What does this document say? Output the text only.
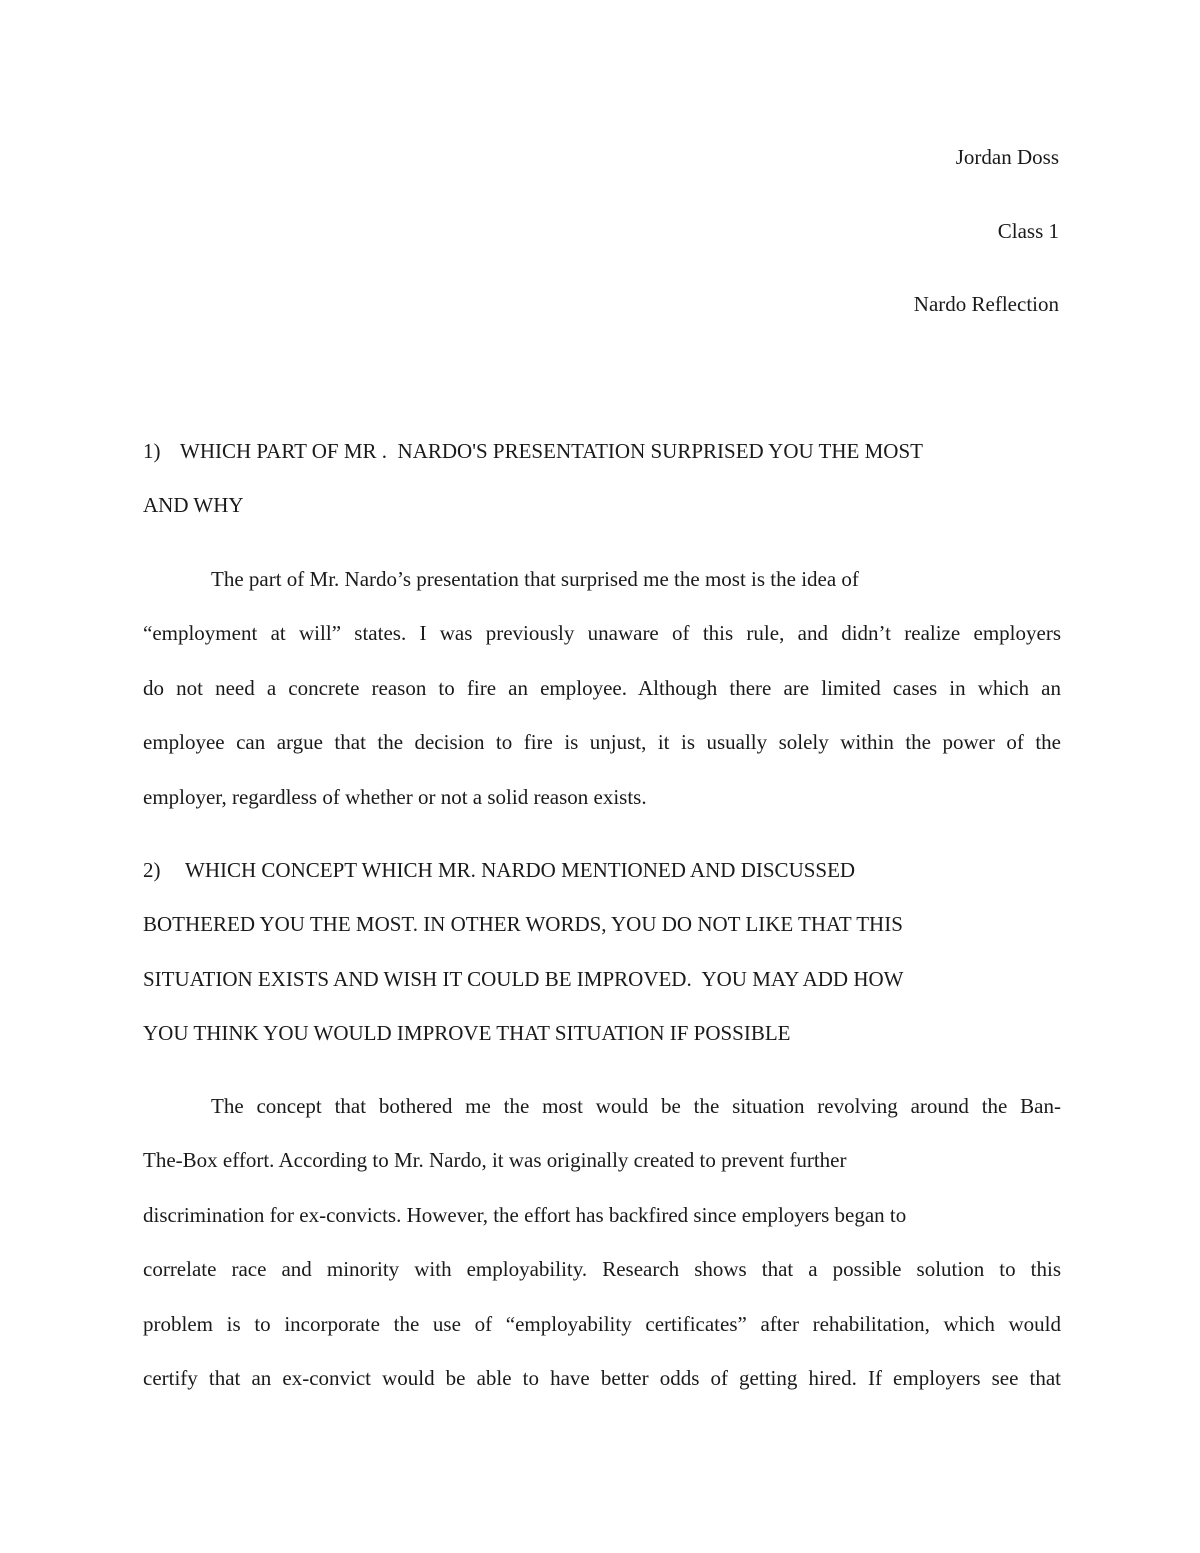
Jordan Doss
Class 1
Nardo Reflection
1) WHICH PART OF MR .  NARDO'S PRESENTATION SURPRISED YOU THE MOST
AND WHY
The part of Mr. Nardo’s presentation that surprised me the most is the idea of
“employment at will” states. I was previously unaware of this rule, and didn’t realize employers
do not need a concrete reason to fire an employee. Although there are limited cases in which an
employee can argue that the decision to fire is unjust, it is usually solely within the power of the
employer, regardless of whether or not a solid reason exists.
2) WHICH CONCEPT WHICH MR. NARDO MENTIONED AND DISCUSSED
BOTHERED YOU THE MOST. IN OTHER WORDS, YOU DO NOT LIKE THAT THIS
SITUATION EXISTS AND WISH IT COULD BE IMPROVED.  YOU MAY ADD HOW
YOU THINK YOU WOULD IMPROVE THAT SITUATION IF POSSIBLE
The concept that bothered me the most would be the situation revolving around the Ban-
The-Box effort. According to Mr. Nardo, it was originally created to prevent further
discrimination for ex-convicts. However, the effort has backfired since employers began to
correlate race and minority with employability. Research shows that a possible solution to this
problem is to incorporate the use of “employability certificates” after rehabilitation, which would
certify that an ex-convict would be able to have better odds of getting hired. If employers see that
